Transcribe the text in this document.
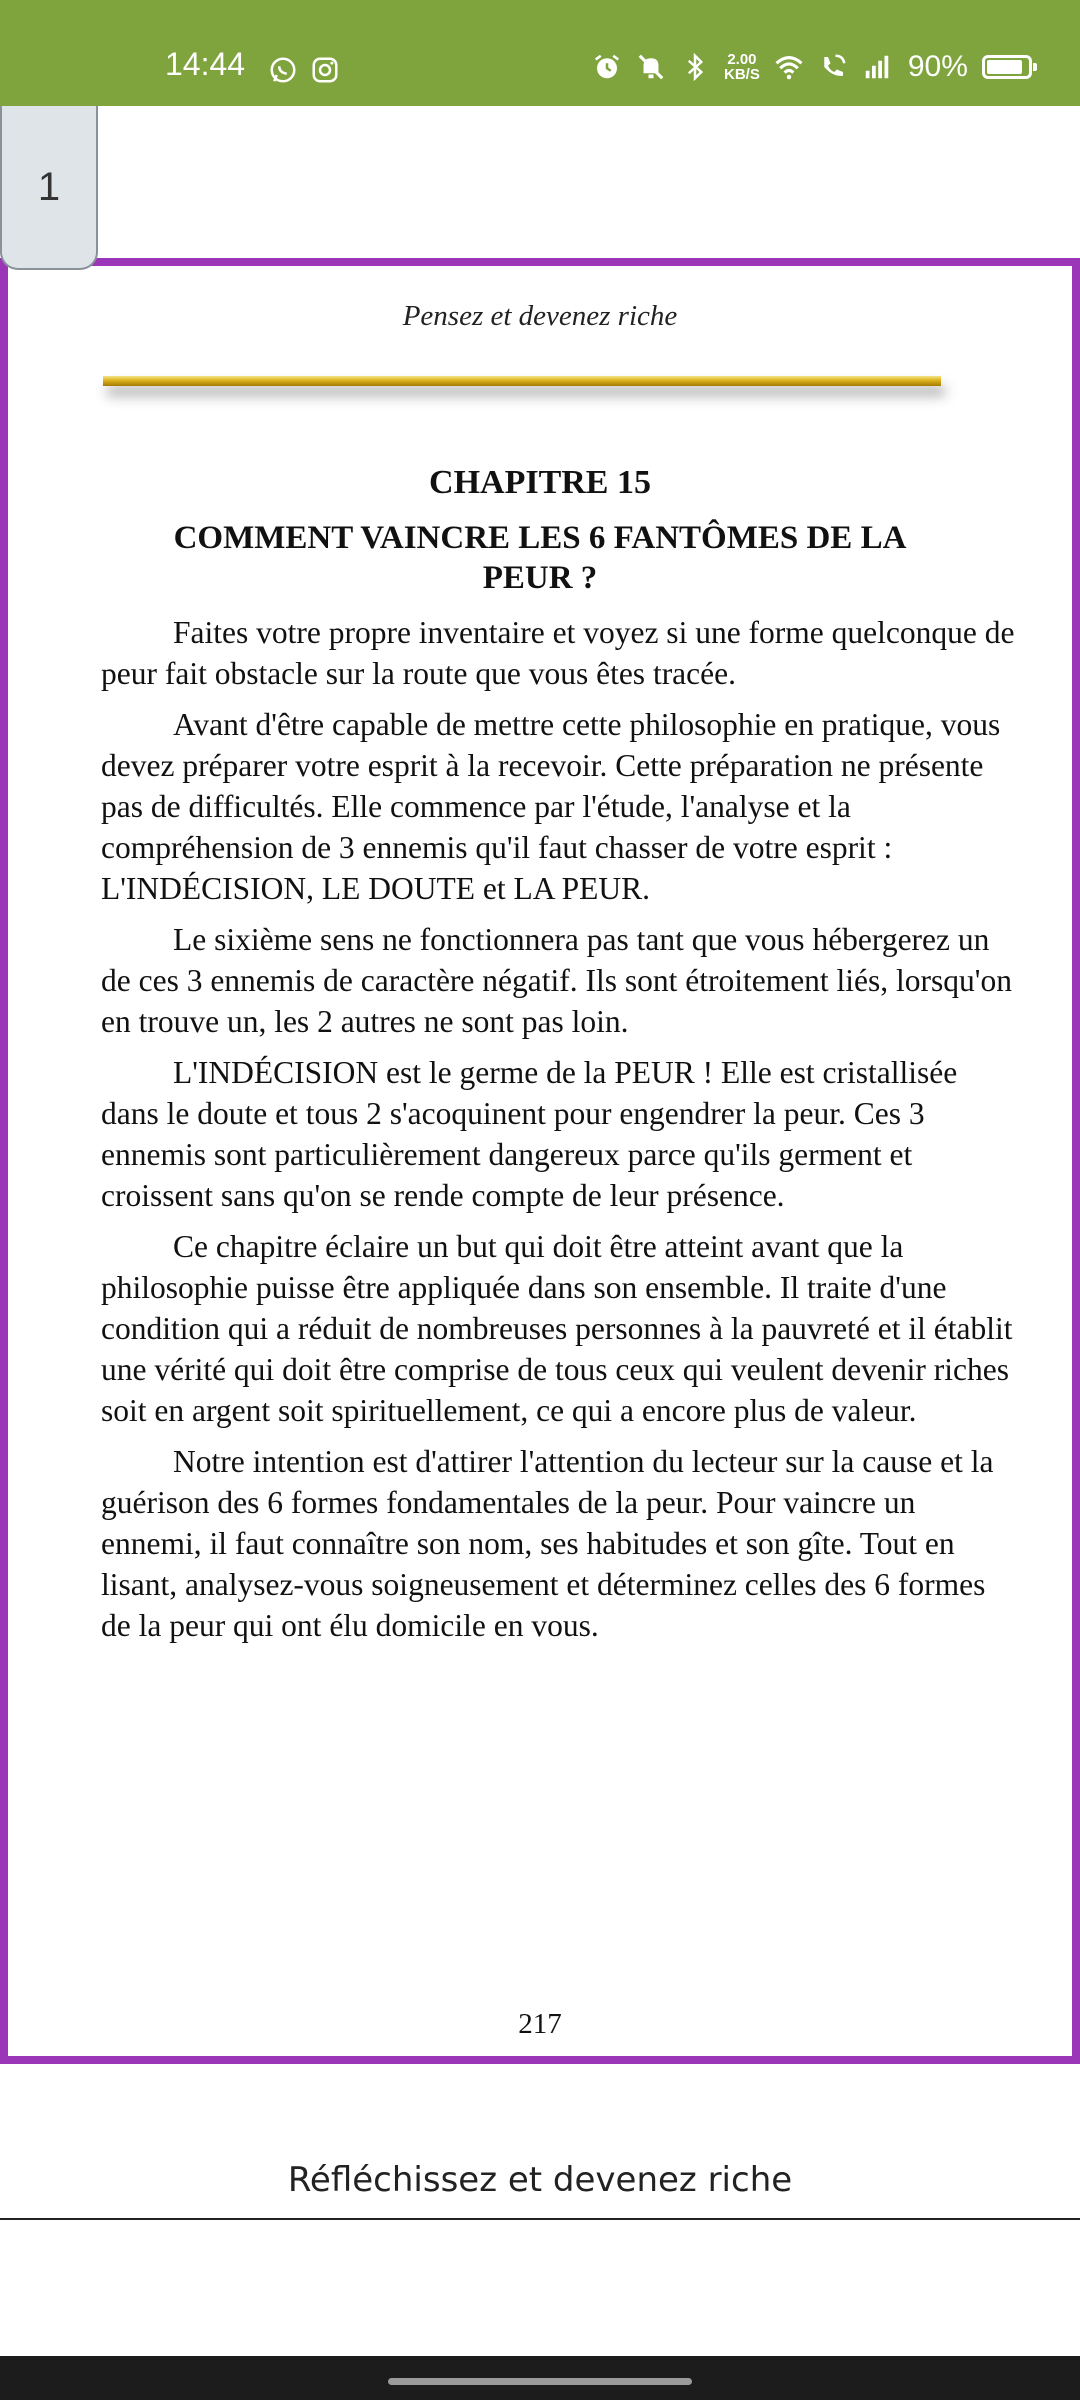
14:44	2.00
KB/S	90%
1
Pensez et devenez riche
CHAPITRE 15
COMMENT VAINCRE LES 6 FANTÔMES DE LA PEUR ?

Faites votre propre inventaire et voyez si une forme quelconque de peur fait obstacle sur la route que vous êtes tracée.

Avant d'être capable de mettre cette philosophie en pratique, vous devez préparer votre esprit à la recevoir. Cette préparation ne présente pas de difficultés. Elle commence par l'étude, l'analyse et la compréhension de 3 ennemis qu'il faut chasser de votre esprit : L'INDÉCISION, LE DOUTE et LA PEUR.

Le sixième sens ne fonctionnera pas tant que vous hébergerez un de ces 3 ennemis de caractère négatif. Ils sont étroitement liés, lorsqu'on en trouve un, les 2 autres ne sont pas loin.

L'INDÉCISION est le germe de la PEUR ! Elle est cristallisée dans le doute et tous 2 s'acoquinent pour engendrer la peur. Ces 3 ennemis sont particulièrement dangereux parce qu'ils germent et croissent sans qu'on se rende compte de leur présence.

Ce chapitre éclaire un but qui doit être atteint avant que la philosophie puisse être appliquée dans son ensemble. Il traite d'une condition qui a réduit de nombreuses personnes à la pauvreté et il établit une vérité qui doit être comprise de tous ceux qui veulent devenir riches soit en argent soit spirituellement, ce qui a encore plus de valeur.

Notre intention est d'attirer l'attention du lecteur sur la cause et la guérison des 6 formes fondamentales de la peur. Pour vaincre un ennemi, il faut connaître son nom, ses habitudes et son gîte. Tout en lisant, analysez-vous soigneusement et déterminez celles des 6 formes de la peur qui ont élu domicile en vous.

217
Réfléchissez et devenez riche
